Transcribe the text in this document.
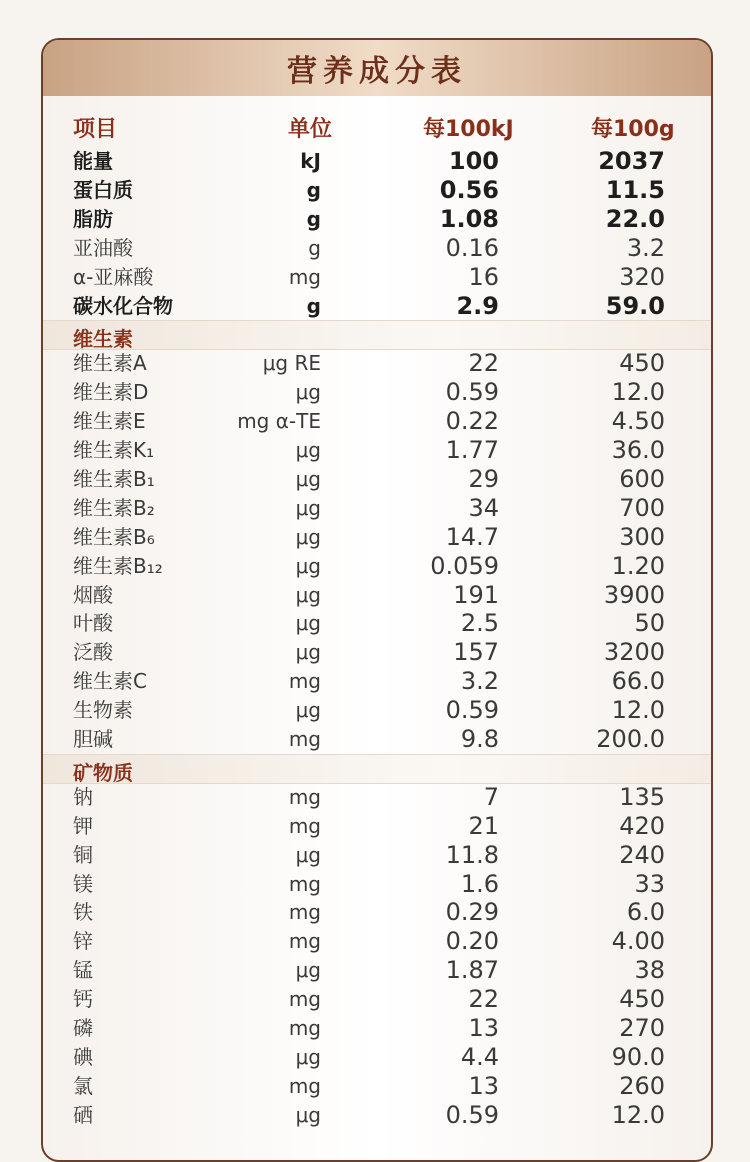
营养成分表
项目	单位	每100kJ	每100g
能量	kJ	100	2037
蛋白质	g	0.56	11.5
脂肪	g	1.08	22.0
亚油酸	g	0.16	3.2
α-亚麻酸	mg	16	320
碳水化合物	g	2.9	59.0
维生素
维生素A	μg RE	22	450
维生素D	μg	0.59	12.0
维生素E	mg α-TE	0.22	4.50
维生素K₁	μg	1.77	36.0
维生素B₁	μg	29	600
维生素B₂	μg	34	700
维生素B₆	μg	14.7	300
维生素B₁₂	μg	0.059	1.20
烟酸	μg	191	3900
叶酸	μg	2.5	50
泛酸	μg	157	3200
维生素C	mg	3.2	66.0
生物素	μg	0.59	12.0
胆碱	mg	9.8	200.0
矿物质
钠	mg	7	135
钾	mg	21	420
铜	μg	11.8	240
镁	mg	1.6	33
铁	mg	0.29	6.0
锌	mg	0.20	4.00
锰	μg	1.87	38
钙	mg	22	450
磷	mg	13	270
碘	μg	4.4	90.0
氯	mg	13	260
硒	μg	0.59	12.0
